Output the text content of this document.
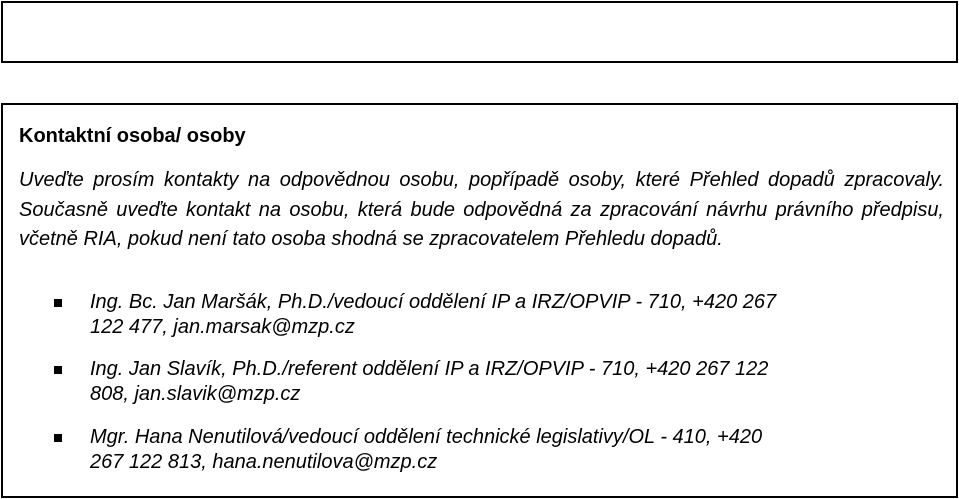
Kontaktní osoba/ osoby
Uveďte prosím kontakty na odpovědnou osobu, popřípadě osoby, které Přehled dopadů zpracovaly. Současně uveďte kontakt na osobu, která bude odpovědná za zpracování návrhu právního předpisu, včetně RIA, pokud není tato osoba shodná se zpracovatelem Přehledu dopadů.
Ing. Bc. Jan Maršák, Ph.D./vedoucí oddělení IP a IRZ/OPVIP - 710, +420 267
122 477, jan.marsak@mzp.cz
Ing. Jan Slavík, Ph.D./referent oddělení IP a IRZ/OPVIP - 710, +420 267 122
808, jan.slavik@mzp.cz
Mgr. Hana Nenutilová/vedoucí oddělení technické legislativy/OL - 410, +420
267 122 813, hana.nenutilova@mzp.cz
